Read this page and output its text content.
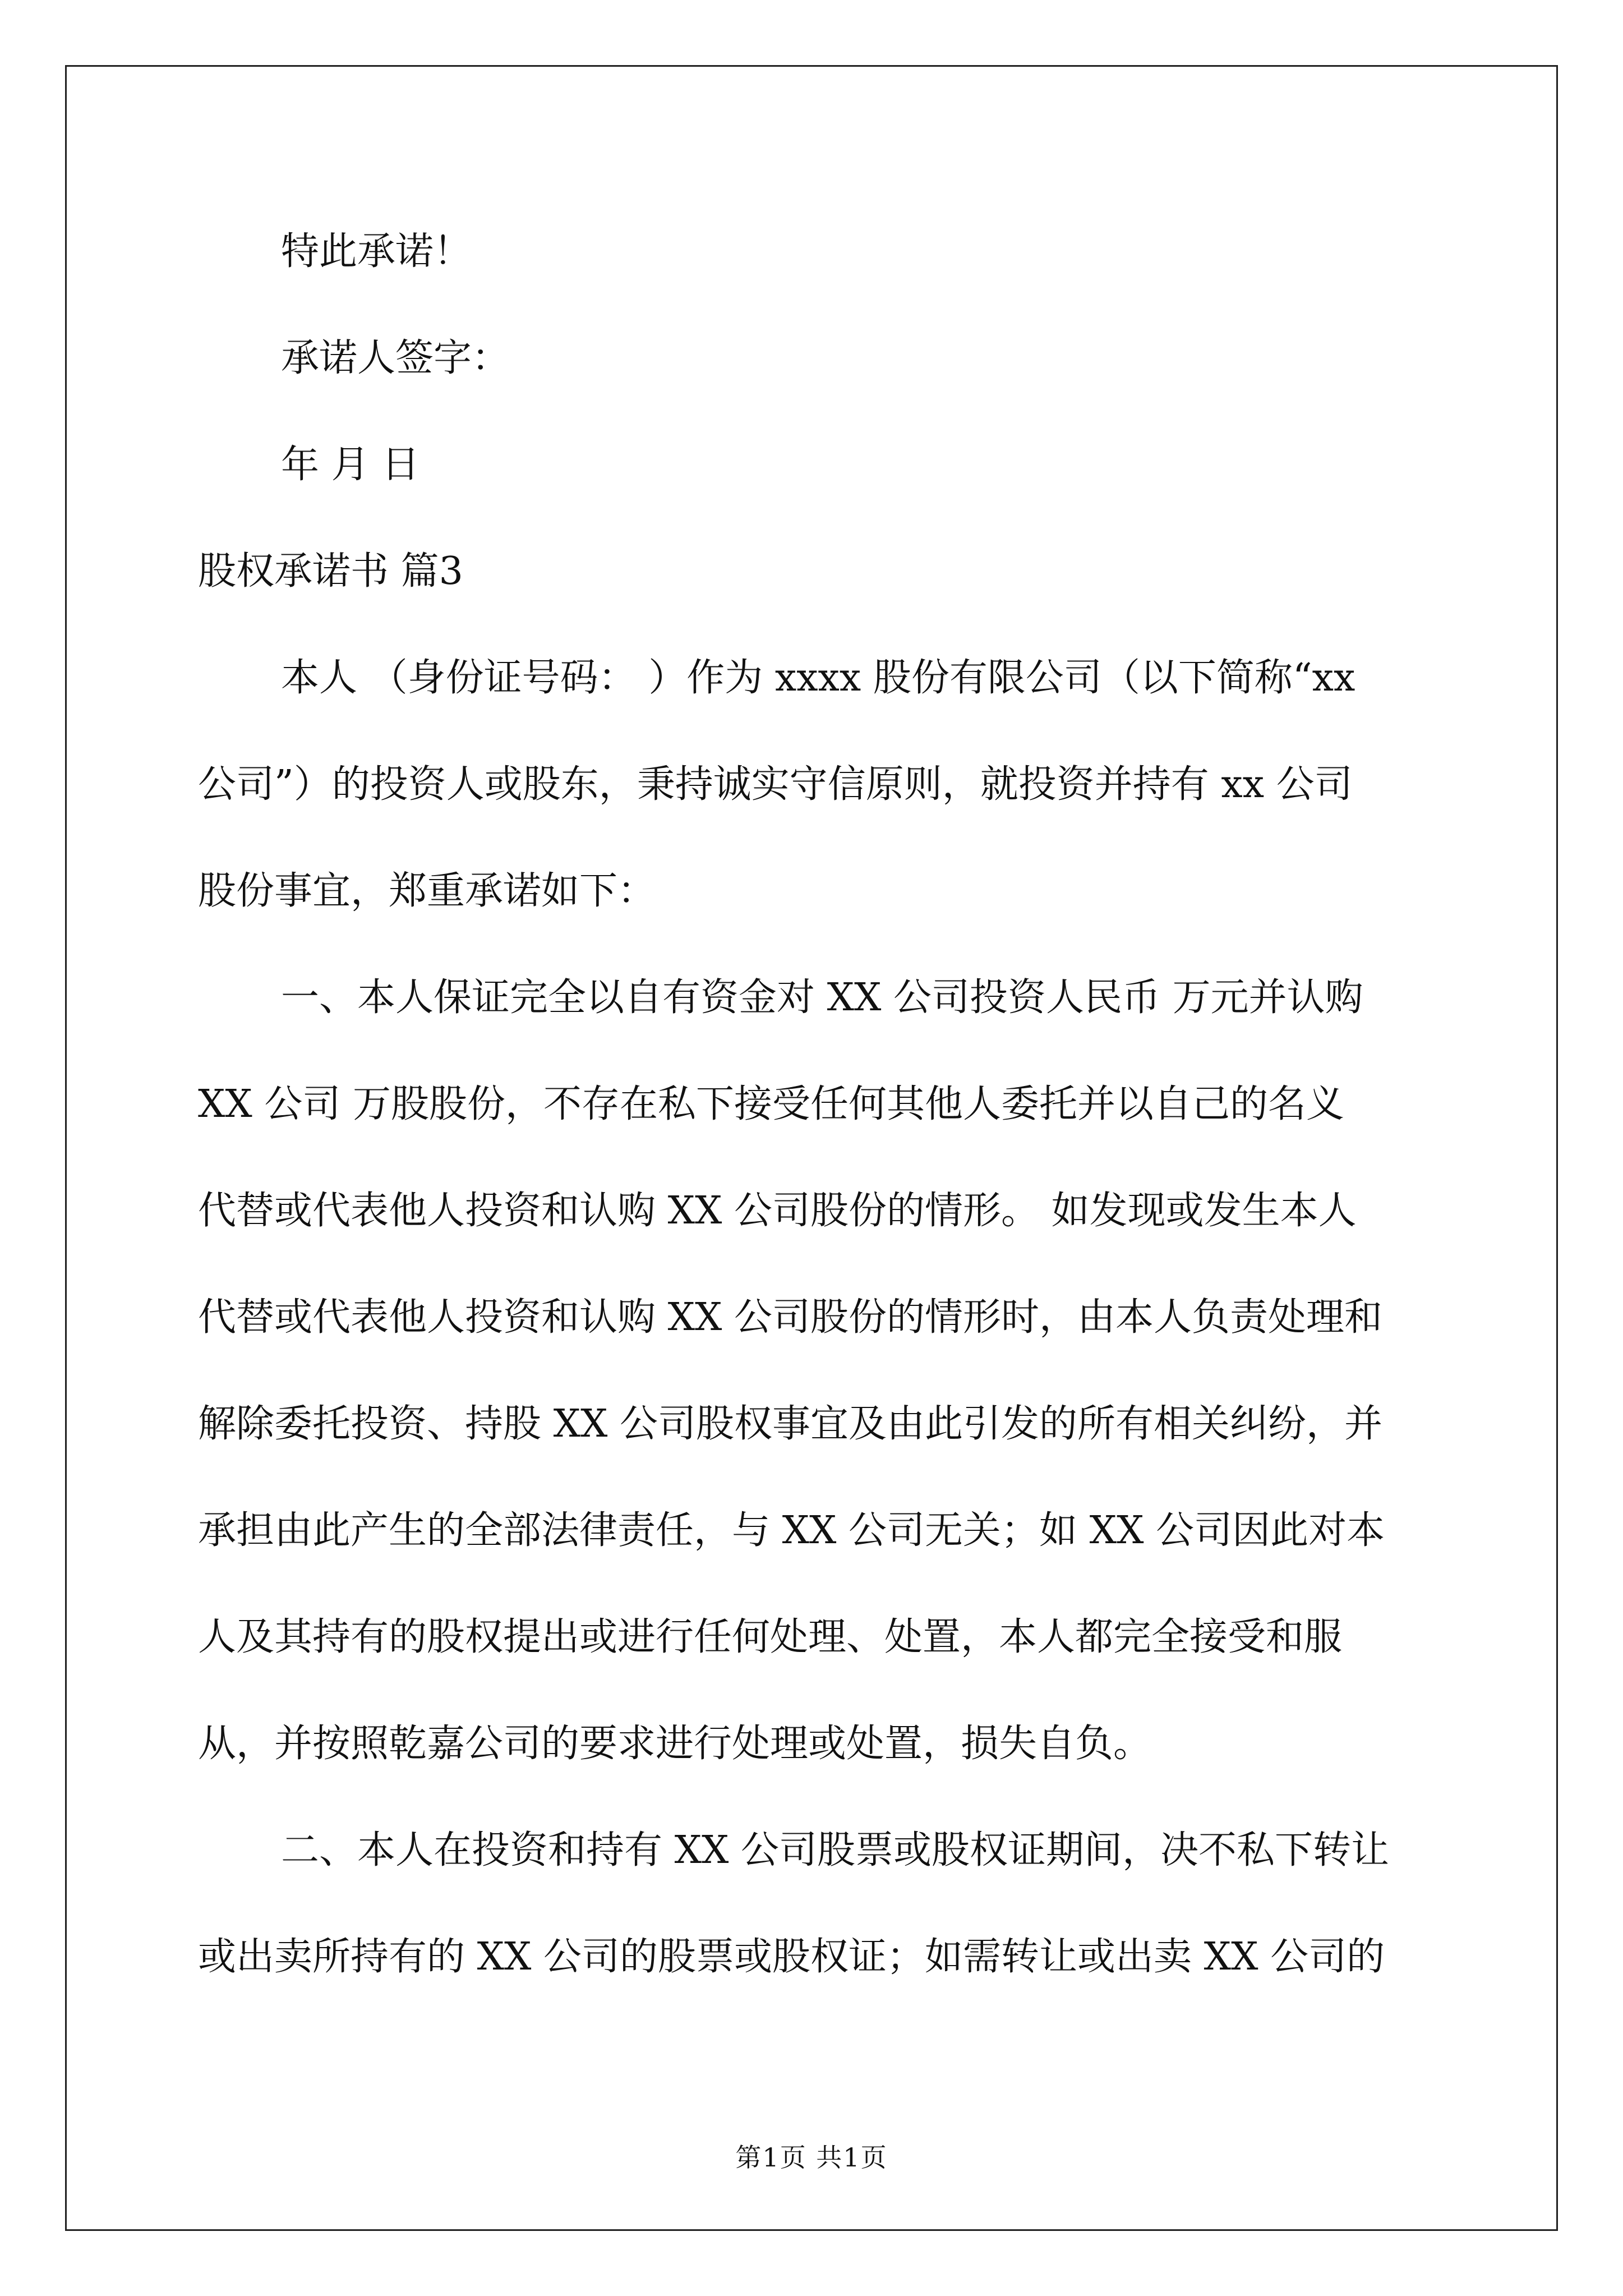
特此承诺！
承诺人签字：
年 月 日
股权承诺书 篇3
本人 （身份证号码： ）作为 xxxx 股份有限公司（以下简称“xx
公司”）的投资人或股东，秉持诚实守信原则，就投资并持有 xx 公司
股份事宜，郑重承诺如下：
一、本人保证完全以自有资金对 XX 公司投资人民币 万元并认购
XX 公司 万股股份，不存在私下接受任何其他人委托并以自己的名义
代替或代表他人投资和认购 XX 公司股份的情形。 如发现或发生本人
代替或代表他人投资和认购 XX 公司股份的情形时，由本人负责处理和
解除委托投资、持股 XX 公司股权事宜及由此引发的所有相关纠纷，并
承担由此产生的全部法律责任，与 XX 公司无关；如 XX 公司因此对本
人及其持有的股权提出或进行任何处理、处置，本人都完全接受和服
从，并按照乾嘉公司的要求进行处理或处置，损失自负。
二、本人在投资和持有 XX 公司股票或股权证期间，决不私下转让
或出卖所持有的 XX 公司的股票或股权证；如需转让或出卖 XX 公司的
第1页 共1页
